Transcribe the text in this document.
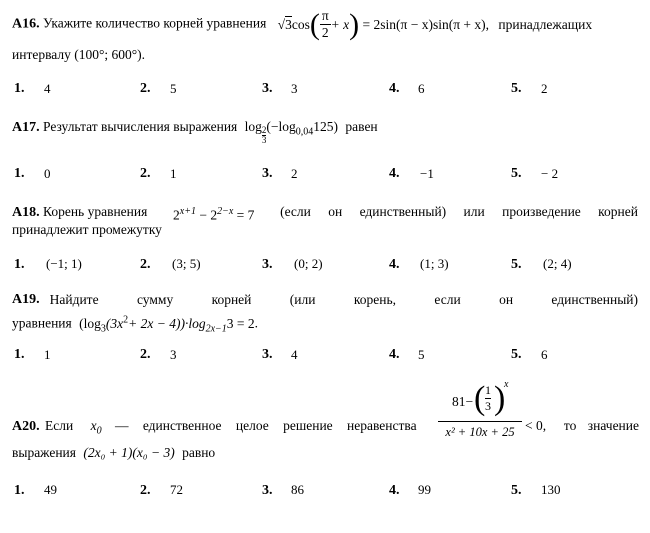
А16. Укажите количество корней уравнения $√3\cos( \frac{\pi}{2} + x) = 2\sin(\pi - x)\sin(\pi + x)$, принадлежащих
интервалу (100°; 600°).
1. 4	2. 5	3. 3	4. 6	5. 2
А17. Результат вычисления выражения $\log \frac{2}{3} (-\log_{0,04}125)$ равен
1. 0	2. 1	3. 2	4. −1	5. − 2
А18. Корень уравнения $2^{x+1} - 2^{2-x} = 7$ (если он единственный) или произведение корней
принадлежит промежутку
1. (−1; 1)	2. (3; 5)	3. (0; 2)	4. (1; 3)	5. (2; 4)
А19. Найдите сумму корней (или корень, если он единственный)
уравнения $(\log_3(3x^2+ 2x - 4))\cdot\log_{2x-1}3 = 2$.
1. 1	2. 3	3. 4	4. 5	5. 6
А20. Если $x_0$ — единственное целое решение неравенства 81− ( 1
3 )
x
x² + 10x + 25 < 0, то значение
выражения (2x₀ + 1)(x₀ − 3) равно
1. 49	2. 72	3. 86	4. 99	5. 130
